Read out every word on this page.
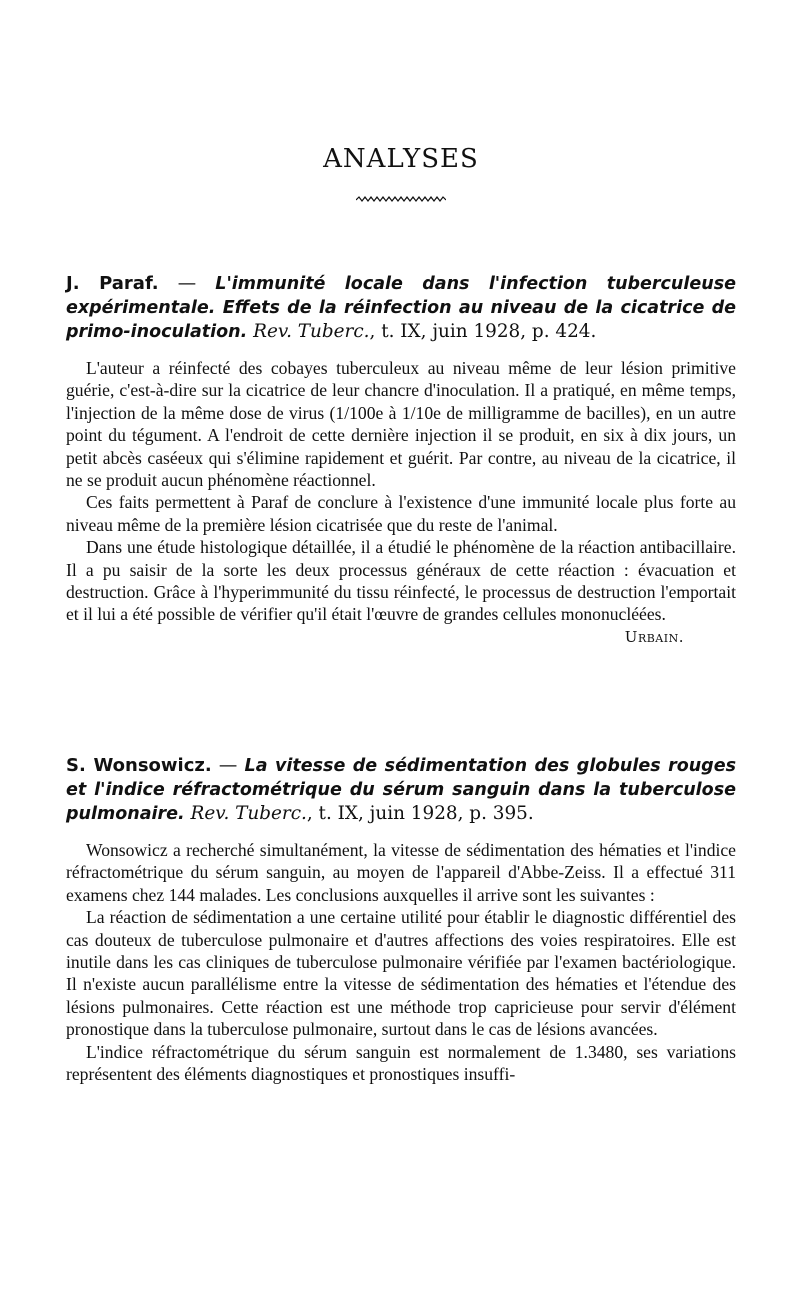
ANALYSES
J. Paraf. — L'immunité locale dans l'infection tuberculeuse expérimentale. Effets de la réinfection au niveau de la cicatrice de primo-inoculation. Rev. Tuberc., t. IX, juin 1928, p. 424.

L'auteur a réinfecté des cobayes tuberculeux au niveau même de leur lésion primitive guérie, c'est-à-dire sur la cicatrice de leur chancre d'inoculation. Il a pratiqué, en même temps, l'injection de la même dose de virus (1/100e à 1/10e de milligramme de bacilles), en un autre point du tégument. A l'endroit de cette dernière injection il se produit, en six à dix jours, un petit abcès caséeux qui s'élimine rapidement et guérit. Par contre, au niveau de la cicatrice, il ne se produit aucun phénomène réactionnel.

Ces faits permettent à Paraf de conclure à l'existence d'une immunité locale plus forte au niveau même de la première lésion cicatrisée que du reste de l'animal.

Dans une étude histologique détaillée, il a étudié le phénomène de la réaction antibacillaire. Il a pu saisir de la sorte les deux processus généraux de cette réaction : évacuation et destruction. Grâce à l'hyperimmunité du tissu réinfecté, le processus de destruction l'emportait et il lui a été possible de vérifier qu'il était l'œuvre de grandes cellules mononucléées.

Urbain.
S. Wonsowicz. — La vitesse de sédimentation des globules rouges et l'indice réfractométrique du sérum sanguin dans la tuberculose pulmonaire. Rev. Tuberc., t. IX, juin 1928, p. 395.

Wonsowicz a recherché simultanément, la vitesse de sédimentation des hématies et l'indice réfractométrique du sérum sanguin, au moyen de l'appareil d'Abbe-Zeiss. Il a effectué 311 examens chez 144 malades. Les conclusions auxquelles il arrive sont les suivantes :

La réaction de sédimentation a une certaine utilité pour établir le diagnostic différentiel des cas douteux de tuberculose pulmonaire et d'autres affections des voies respiratoires. Elle est inutile dans les cas cliniques de tuberculose pulmonaire vérifiée par l'examen bactériologique. Il n'existe aucun parallélisme entre la vitesse de sédimentation des hématies et l'étendue des lésions pulmonaires. Cette réaction est une méthode trop capricieuse pour servir d'élément pronostique dans la tuberculose pulmonaire, surtout dans le cas de lésions avancées.

L'indice réfractométrique du sérum sanguin est normalement de 1.3480, ses variations représentent des éléments diagnostiques et pronostiques insuffi-
